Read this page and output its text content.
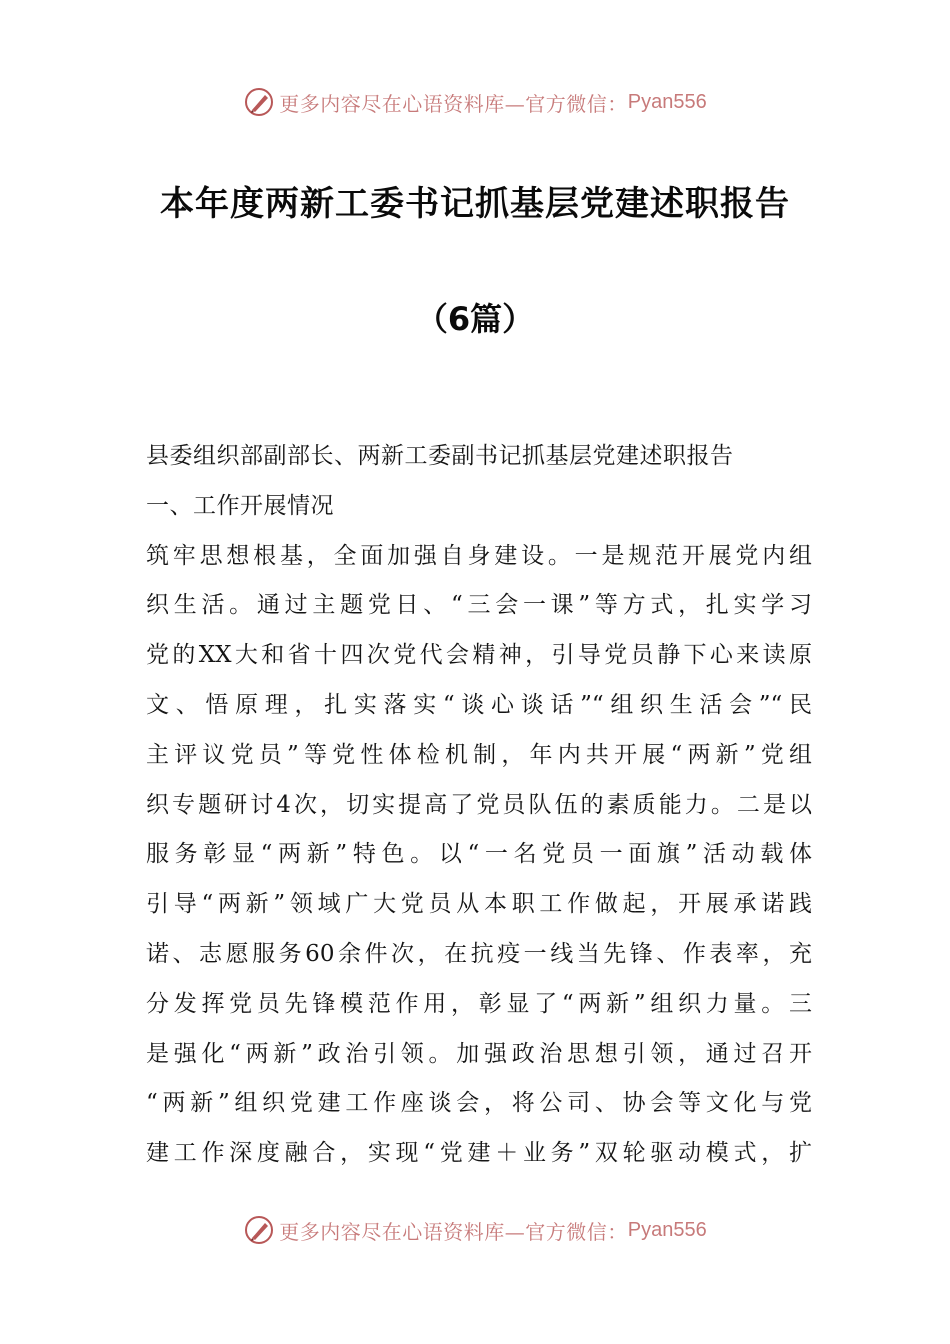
更多内容尽在心语资料库—官方微信： Pyan556
本年度两新工委书记抓基层党建述职报告
（6篇）
县委组织部副部长、两新工委副书记抓基层党建述职报告
一、工作开展情况
筑牢思想根基，全面加强自身建设。一是规范开展党内组
织生活。通过主题党日、“三会一课”等方式，扎实学习
党的XX大和省十四次党代会精神，引导党员静下心来读原
文、悟原理，扎实落实“谈心谈话”“组织生活会”“民
主评议党员”等党性体检机制，年内共开展“两新”党组
织专题研讨4次，切实提高了党员队伍的素质能力。二是以
服务彰显“两新”特色。以“一名党员一面旗”活动载体
引导“两新”领域广大党员从本职工作做起，开展承诺践
诺、志愿服务60余件次，在抗疫一线当先锋、作表率，充
分发挥党员先锋模范作用，彰显了“两新”组织力量。三
是强化“两新”政治引领。加强政治思想引领，通过召开
“两新”组织党建工作座谈会，将公司、协会等文化与党
建工作深度融合，实现“党建＋业务”双轮驱动模式，扩
更多内容尽在心语资料库—官方微信： Pyan556
